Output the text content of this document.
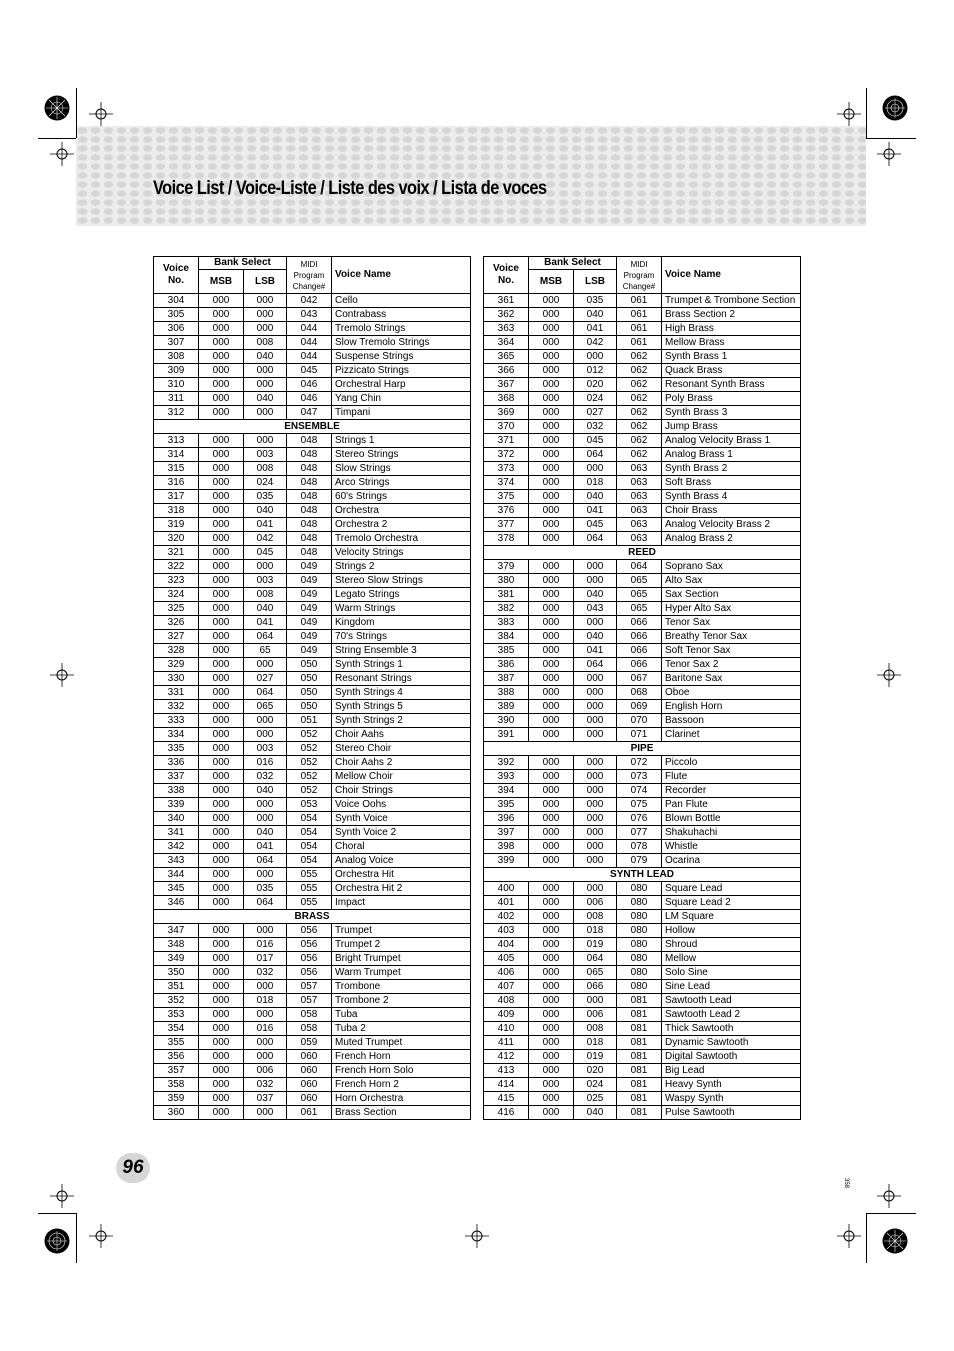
Voice List / Voice-Liste / Liste des voix / Lista de voces
Voice No.	Bank Select		MIDI Program Change#	Voice Name
	MSB	LSB		
304	000	000	042	Cello
305	000	000	043	Contrabass
306	000	000	044	Tremolo Strings
307	000	008	044	Slow Tremolo Strings
308	000	040	044	Suspense Strings
309	000	000	045	Pizzicato Strings
310	000	000	046	Orchestral Harp
311	000	040	046	Yang Chin
312	000	000	047	Timpani
ENSEMBLE				
313	000	000	048	Strings 1
314	000	003	048	Stereo Strings
315	000	008	048	Slow Strings
316	000	024	048	Arco Strings
317	000	035	048	60's Strings
318	000	040	048	Orchestra
319	000	041	048	Orchestra 2
320	000	042	048	Tremolo Orchestra
321	000	045	048	Velocity Strings
322	000	000	049	Strings 2
323	000	003	049	Stereo Slow Strings
324	000	008	049	Legato Strings
325	000	040	049	Warm Strings
326	000	041	049	Kingdom
327	000	064	049	70's Strings
328	000	65	049	String Ensemble 3
329	000	000	050	Synth Strings 1
330	000	027	050	Resonant Strings
331	000	064	050	Synth Strings 4
332	000	065	050	Synth Strings 5
333	000	000	051	Synth Strings 2
334	000	000	052	Choir Aahs
335	000	003	052	Stereo Choir
336	000	016	052	Choir Aahs 2
337	000	032	052	Mellow Choir
338	000	040	052	Choir Strings
339	000	000	053	Voice Oohs
340	000	000	054	Synth Voice
341	000	040	054	Synth Voice 2
342	000	041	054	Choral
343	000	064	054	Analog Voice
344	000	000	055	Orchestra Hit
345	000	035	055	Orchestra Hit 2
346	000	064	055	Impact
BRASS				
347	000	000	056	Trumpet
348	000	016	056	Trumpet 2
349	000	017	056	Bright Trumpet
350	000	032	056	Warm Trumpet
351	000	000	057	Trombone
352	000	018	057	Trombone 2
353	000	000	058	Tuba
354	000	016	058	Tuba 2
355	000	000	059	Muted Trumpet
356	000	000	060	French Horn
357	000	006	060	French Horn Solo
358	000	032	060	French Horn 2
359	000	037	060	Horn Orchestra
360	000	000	061	Brass Section
Voice No.	Bank Select		MIDI Program Change#	Voice Name
	MSB	LSB		
361	000	035	061	Trumpet & Trombone Section
362	000	040	061	Brass Section 2
363	000	041	061	High Brass
364	000	042	061	Mellow Brass
365	000	000	062	Synth Brass 1
366	000	012	062	Quack Brass
367	000	020	062	Resonant Synth Brass
368	000	024	062	Poly Brass
369	000	027	062	Synth Brass 3
370	000	032	062	Jump Brass
371	000	045	062	Analog Velocity Brass 1
372	000	064	062	Analog Brass 1
373	000	000	063	Synth Brass 2
374	000	018	063	Soft Brass
375	000	040	063	Synth Brass 4
376	000	041	063	Choir Brass
377	000	045	063	Analog Velocity Brass 2
378	000	064	063	Analog Brass 2
REED				
379	000	000	064	Soprano Sax
380	000	000	065	Alto Sax
381	000	040	065	Sax Section
382	000	043	065	Hyper Alto Sax
383	000	000	066	Tenor Sax
384	000	040	066	Breathy Tenor Sax
385	000	041	066	Soft Tenor Sax
386	000	064	066	Tenor Sax 2
387	000	000	067	Baritone Sax
388	000	000	068	Oboe
389	000	000	069	English Horn
390	000	000	070	Bassoon
391	000	000	071	Clarinet
PIPE				
392	000	000	072	Piccolo
393	000	000	073	Flute
394	000	000	074	Recorder
395	000	000	075	Pan Flute
396	000	000	076	Blown Bottle
397	000	000	077	Shakuhachi
398	000	000	078	Whistle
399	000	000	079	Ocarina
SYNTH LEAD				
400	000	000	080	Square Lead
401	000	006	080	Square Lead 2
402	000	008	080	LM Square
403	000	018	080	Hollow
404	000	019	080	Shroud
405	000	064	080	Mellow
406	000	065	080	Solo Sine
407	000	066	080	Sine Lead
408	000	000	081	Sawtooth Lead
409	000	006	081	Sawtooth Lead 2
410	000	008	081	Thick Sawtooth
411	000	018	081	Dynamic Sawtooth
412	000	019	081	Digital Sawtooth
413	000	020	081	Big Lead
414	000	024	081	Heavy Synth
415	000	025	081	Waspy Synth
416	000	040	081	Pulse Sawtooth
96
358
